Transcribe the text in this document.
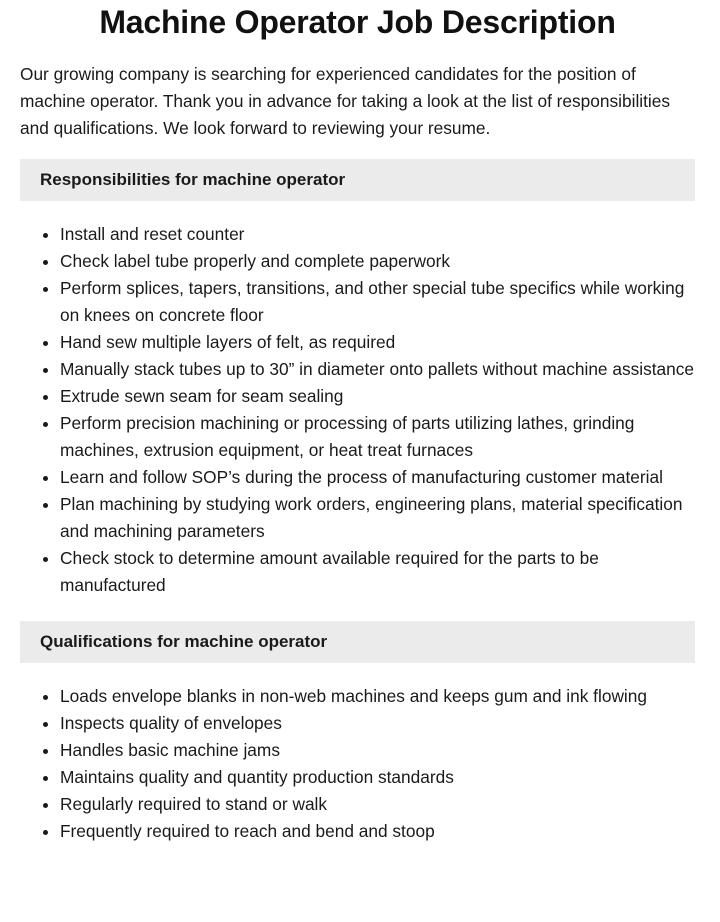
Machine Operator Job Description

Our growing company is searching for experienced candidates for the position of machine operator. Thank you in advance for taking a look at the list of responsibilities and qualifications. We look forward to reviewing your resume.

Responsibilities for machine operator
Install and reset counter
Check label tube properly and complete paperwork
Perform splices, tapers, transitions, and other special tube specifics while working on knees on concrete floor
Hand sew multiple layers of felt, as required
Manually stack tubes up to 30” in diameter onto pallets without machine assistance
Extrude sewn seam for seam sealing
Perform precision machining or processing of parts utilizing lathes, grinding machines, extrusion equipment, or heat treat furnaces
Learn and follow SOP’s during the process of manufacturing customer material
Plan machining by studying work orders, engineering plans, material specification and machining parameters
Check stock to determine amount available required for the parts to be manufactured
Qualifications for machine operator
Loads envelope blanks in non-web machines and keeps gum and ink flowing
Inspects quality of envelopes
Handles basic machine jams
Maintains quality and quantity production standards
Regularly required to stand or walk
Frequently required to reach and bend and stoop
